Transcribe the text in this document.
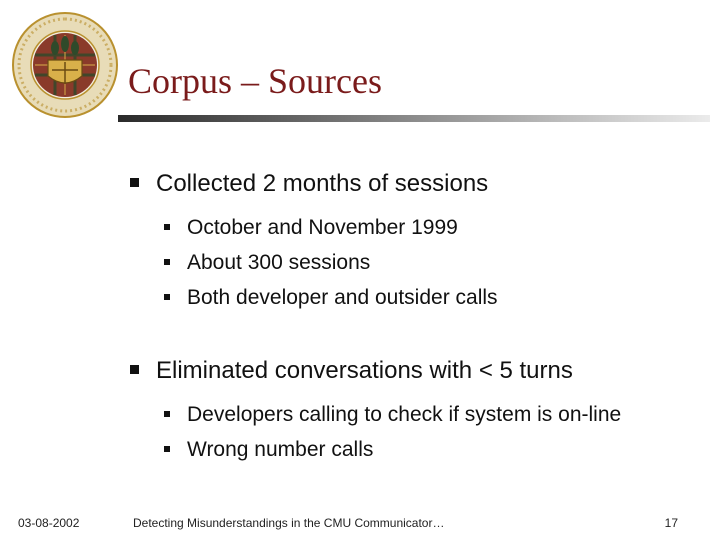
Corpus – Sources
Collected 2 months of sessions
October and November 1999
About 300 sessions
Both developer and outsider calls
Eliminated conversations with < 5 turns
Developers calling to check if system is on-line
Wrong number calls
03-08-2002	Detecting Misunderstandings in the CMU Communicator…	17
